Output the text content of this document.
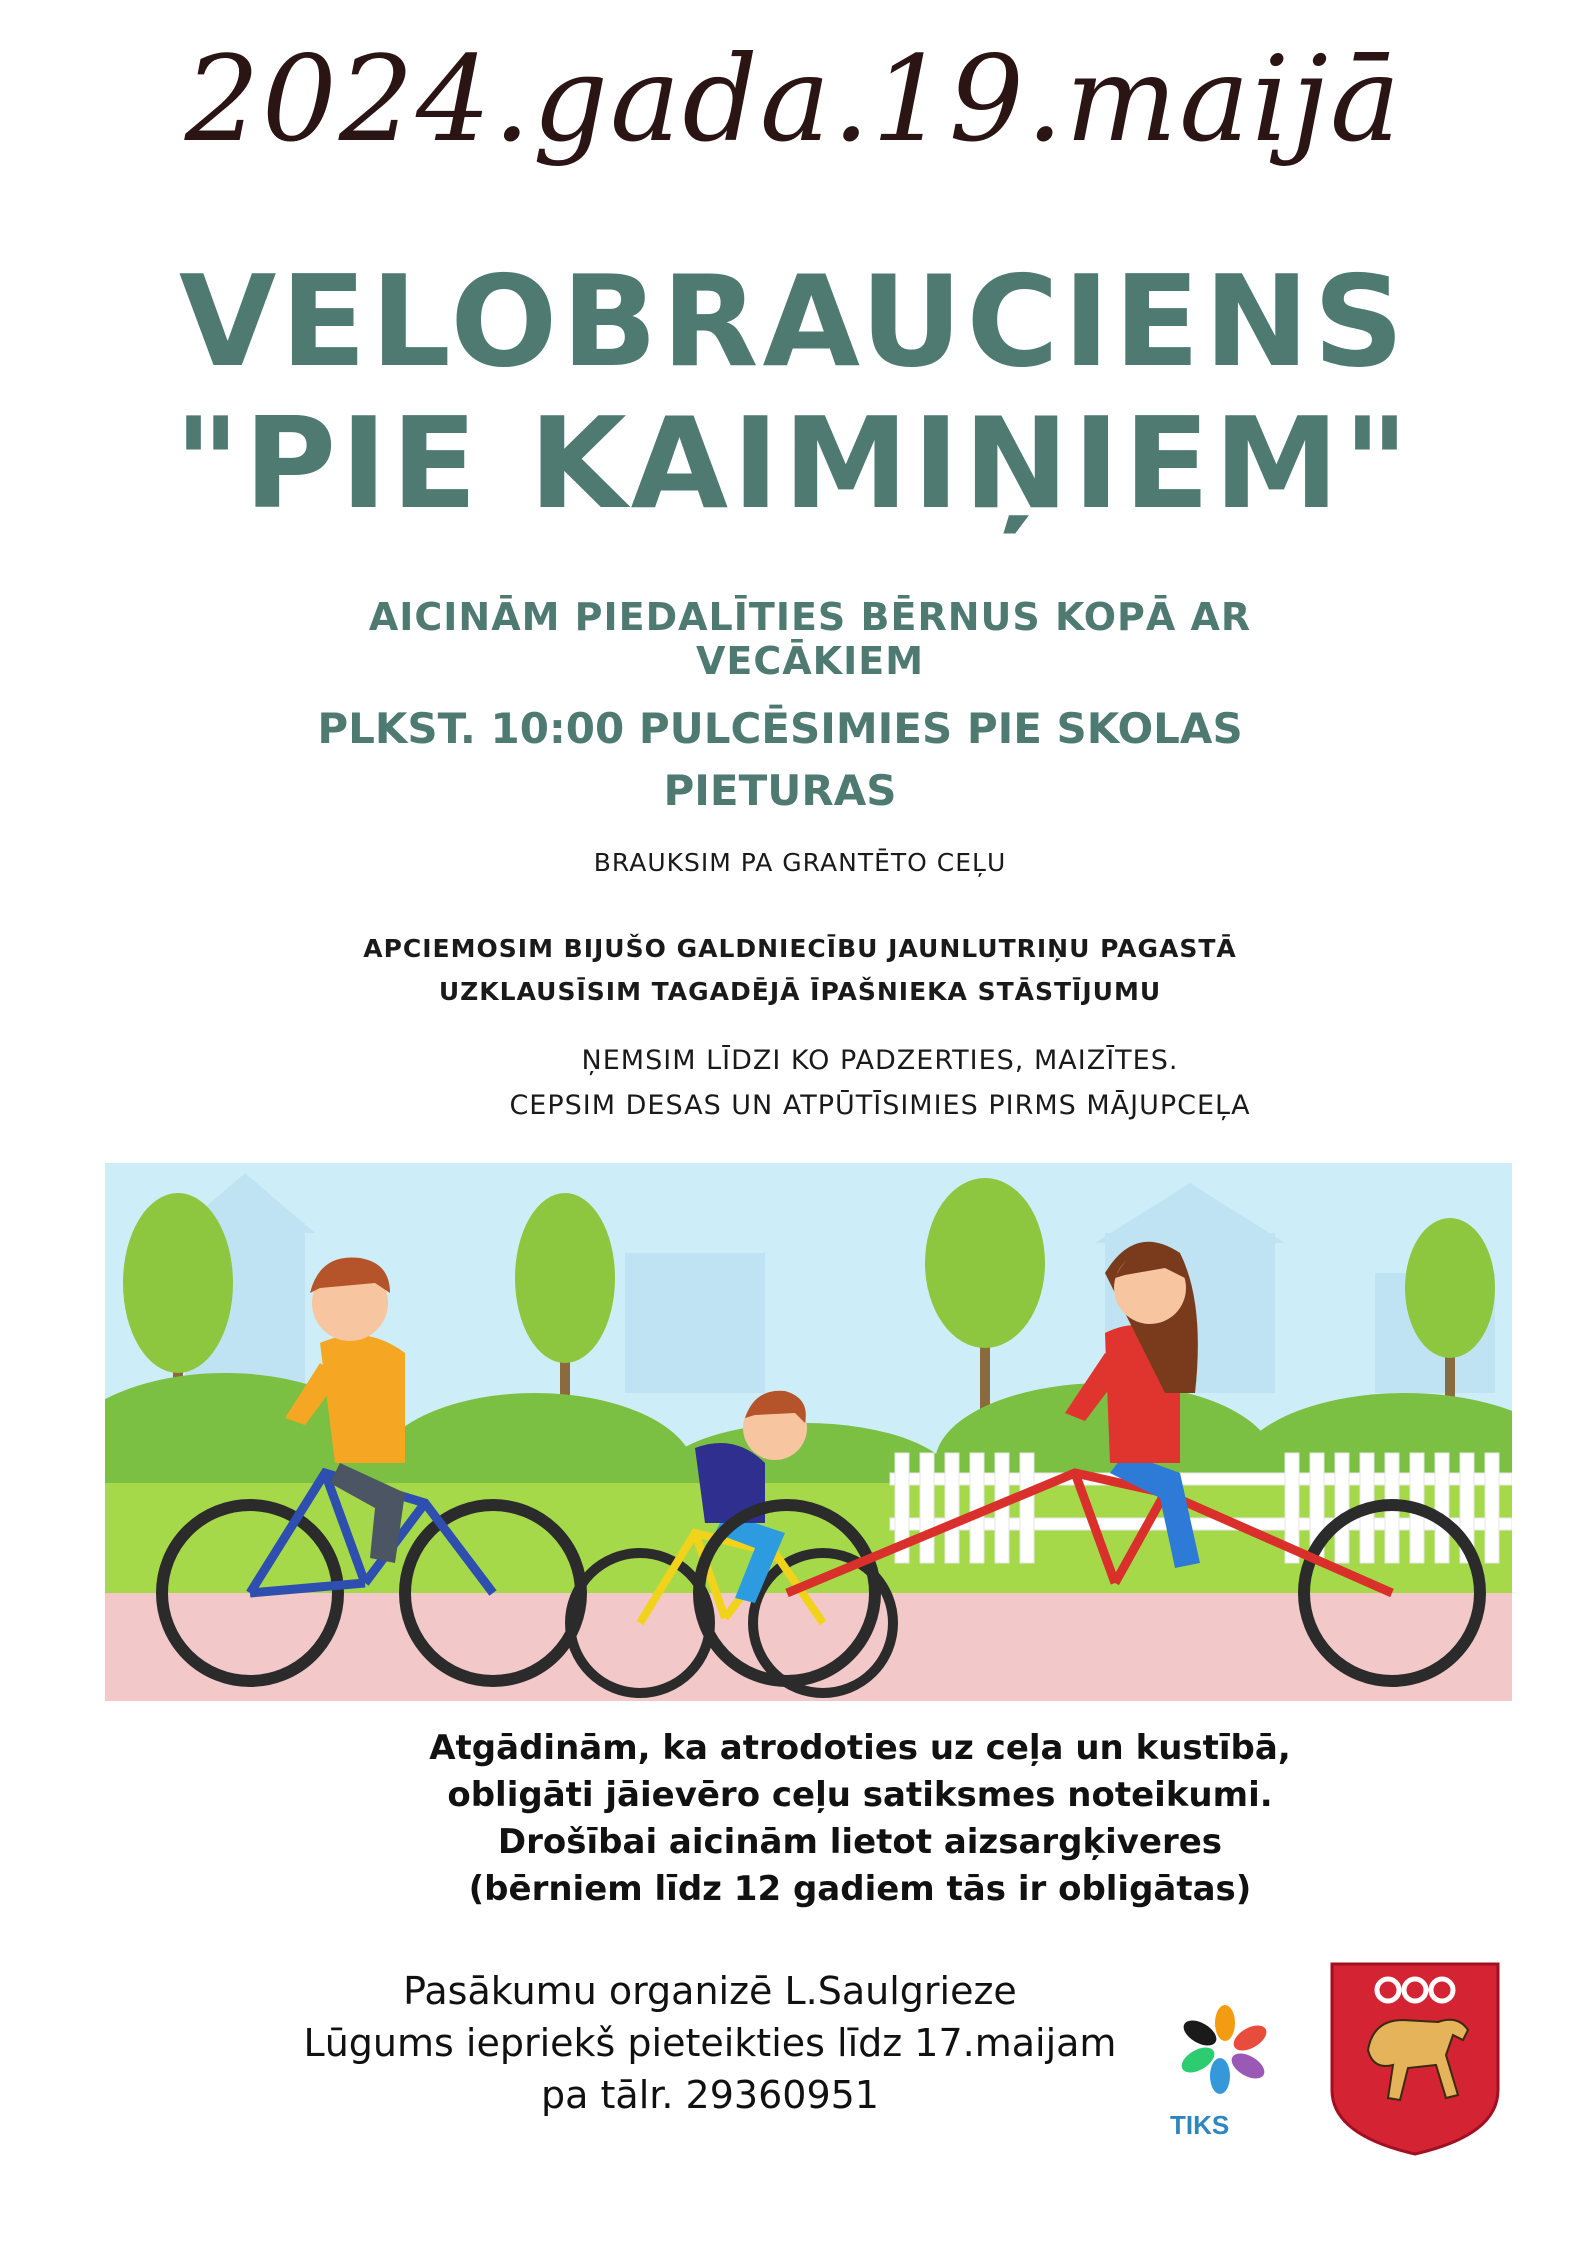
2024.gada.19.maijā
VELOBRAUCIENS
"PIE KAIMIŅIEM"
AICINĀM PIEDALĪTIES BĒRNUS KOPĀ AR VECĀKIEM
PLKST. 10:00 PULCĒSIMIES PIE SKOLAS
PIETURAS
BRAUKSIM PA GRANTĒTO CEĻU
APCIEMOSIM BIJUŠO GALDNIECĪBU JAUNLUTRIŅU PAGASTĀ
UZKLAUSĪSIM TAGADĒJĀ ĪPAŠNIEKA STĀSTĪJUMU
ŅEMSIM LĪDZI KO PADZERTIES, MAIZĪTES.
CEPSIM DESAS UN ATPŪTĪSIMIES PIRMS MĀJUPCEĻA
Atgādinām, ka atrodoties uz ceļa un kustībā,
obligāti jāievēro ceļu satiksmes noteikumi.
Drošībai aicinām lietot aizsargķiveres
(bērniem līdz 12 gadiem tās ir obligātas)
Pasākumu organizē L.Saulgrieze
Lūgums iepriekš pieteikties līdz 17.maijam
pa tālr. 29360951
TIKS
